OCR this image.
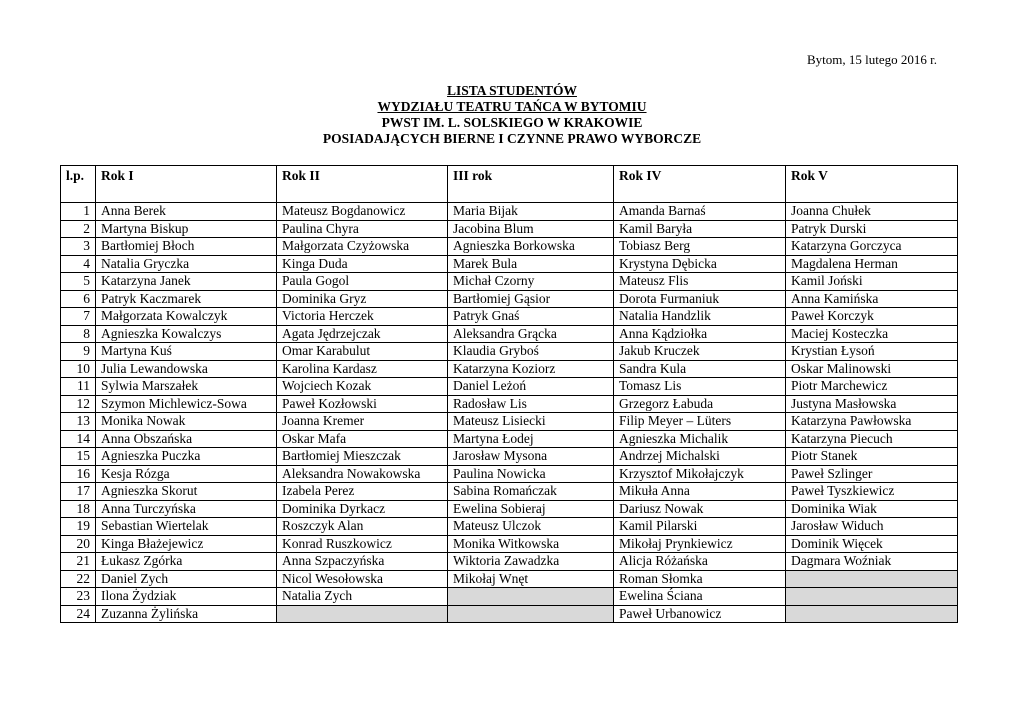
Bytom, 15 lutego 2016 r.
LISTA STUDENTÓW
WYDZIAŁU TEATRU TAŃCA W BYTOMIU
PWST IM. L. SOLSKIEGO W KRAKOWIE
POSIADAJĄCYCH BIERNE I CZYNNE PRAWO WYBORCZE
l.p.	Rok I	Rok II	III rok	Rok IV	Rok V
1	Anna Berek	Mateusz Bogdanowicz	Maria Bijak	Amanda Barnaś	Joanna Chułek
2	Martyna Biskup	Paulina Chyra	Jacobina Blum	Kamil Baryła	Patryk Durski
3	Bartłomiej Błoch	Małgorzata Czyżowska	Agnieszka Borkowska	Tobiasz Berg	Katarzyna Gorczyca
4	Natalia Gryczka	Kinga Duda	Marek Bula	Krystyna Dębicka	Magdalena Herman
5	Katarzyna Janek	Paula Gogol	Michał Czorny	Mateusz Flis	Kamil Joński
6	Patryk Kaczmarek	Dominika Gryz	Bartłomiej Gąsior	Dorota Furmaniuk	Anna Kamińska
7	Małgorzata Kowalczyk	Victoria Herczek	Patryk Gnaś	Natalia Handzlik	Paweł Korczyk
8	Agnieszka Kowalczys	Agata Jędrzejczak	Aleksandra Grącka	Anna Kądziołka	Maciej Kosteczka
9	Martyna Kuś	Omar Karabulut	Klaudia Gryboś	Jakub Kruczek	Krystian Łysoń
10	Julia Lewandowska	Karolina Kardasz	Katarzyna Koziorz	Sandra Kula	Oskar Malinowski
11	Sylwia Marszałek	Wojciech Kozak	Daniel Leżoń	Tomasz Lis	Piotr Marchewicz
12	Szymon Michlewicz-Sowa	Paweł Kozłowski	Radosław Lis	Grzegorz Łabuda	Justyna Masłowska
13	Monika Nowak	Joanna Kremer	Mateusz Lisiecki	Filip Meyer – Lüters	Katarzyna Pawłowska
14	Anna Obszańska	Oskar Mafa	Martyna Łodej	Agnieszka Michalik	Katarzyna Piecuch
15	Agnieszka Puczka	Bartłomiej Mieszczak	Jarosław Mysona	Andrzej Michalski	Piotr Stanek
16	Kesja Rózga	Aleksandra Nowakowska	Paulina Nowicka	Krzysztof Mikołajczyk	Paweł Szlinger
17	Agnieszka Skorut	Izabela Perez	Sabina Romańczak	Mikuła Anna	Paweł Tyszkiewicz
18	Anna Turczyńska	Dominika Dyrkacz	Ewelina Sobieraj	Dariusz Nowak	Dominika Wiak
19	Sebastian Wiertelak	Roszczyk Alan	Mateusz Ulczok	Kamil Pilarski	Jarosław Widuch
20	Kinga Błażejewicz	Konrad Ruszkowicz	Monika Witkowska	Mikołaj Prynkiewicz	Dominik Więcek
21	Łukasz Zgórka	Anna Szpaczyńska	Wiktoria Zawadzka	Alicja Różańska	Dagmara Woźniak
22	Daniel Zych	Nicol Wesołowska	Mikołaj Wnęt	Roman Słomka	
23	Ilona Żydziak	Natalia Zych		Ewelina Ściana	
24	Zuzanna Żylińska			Paweł Urbanowicz	
